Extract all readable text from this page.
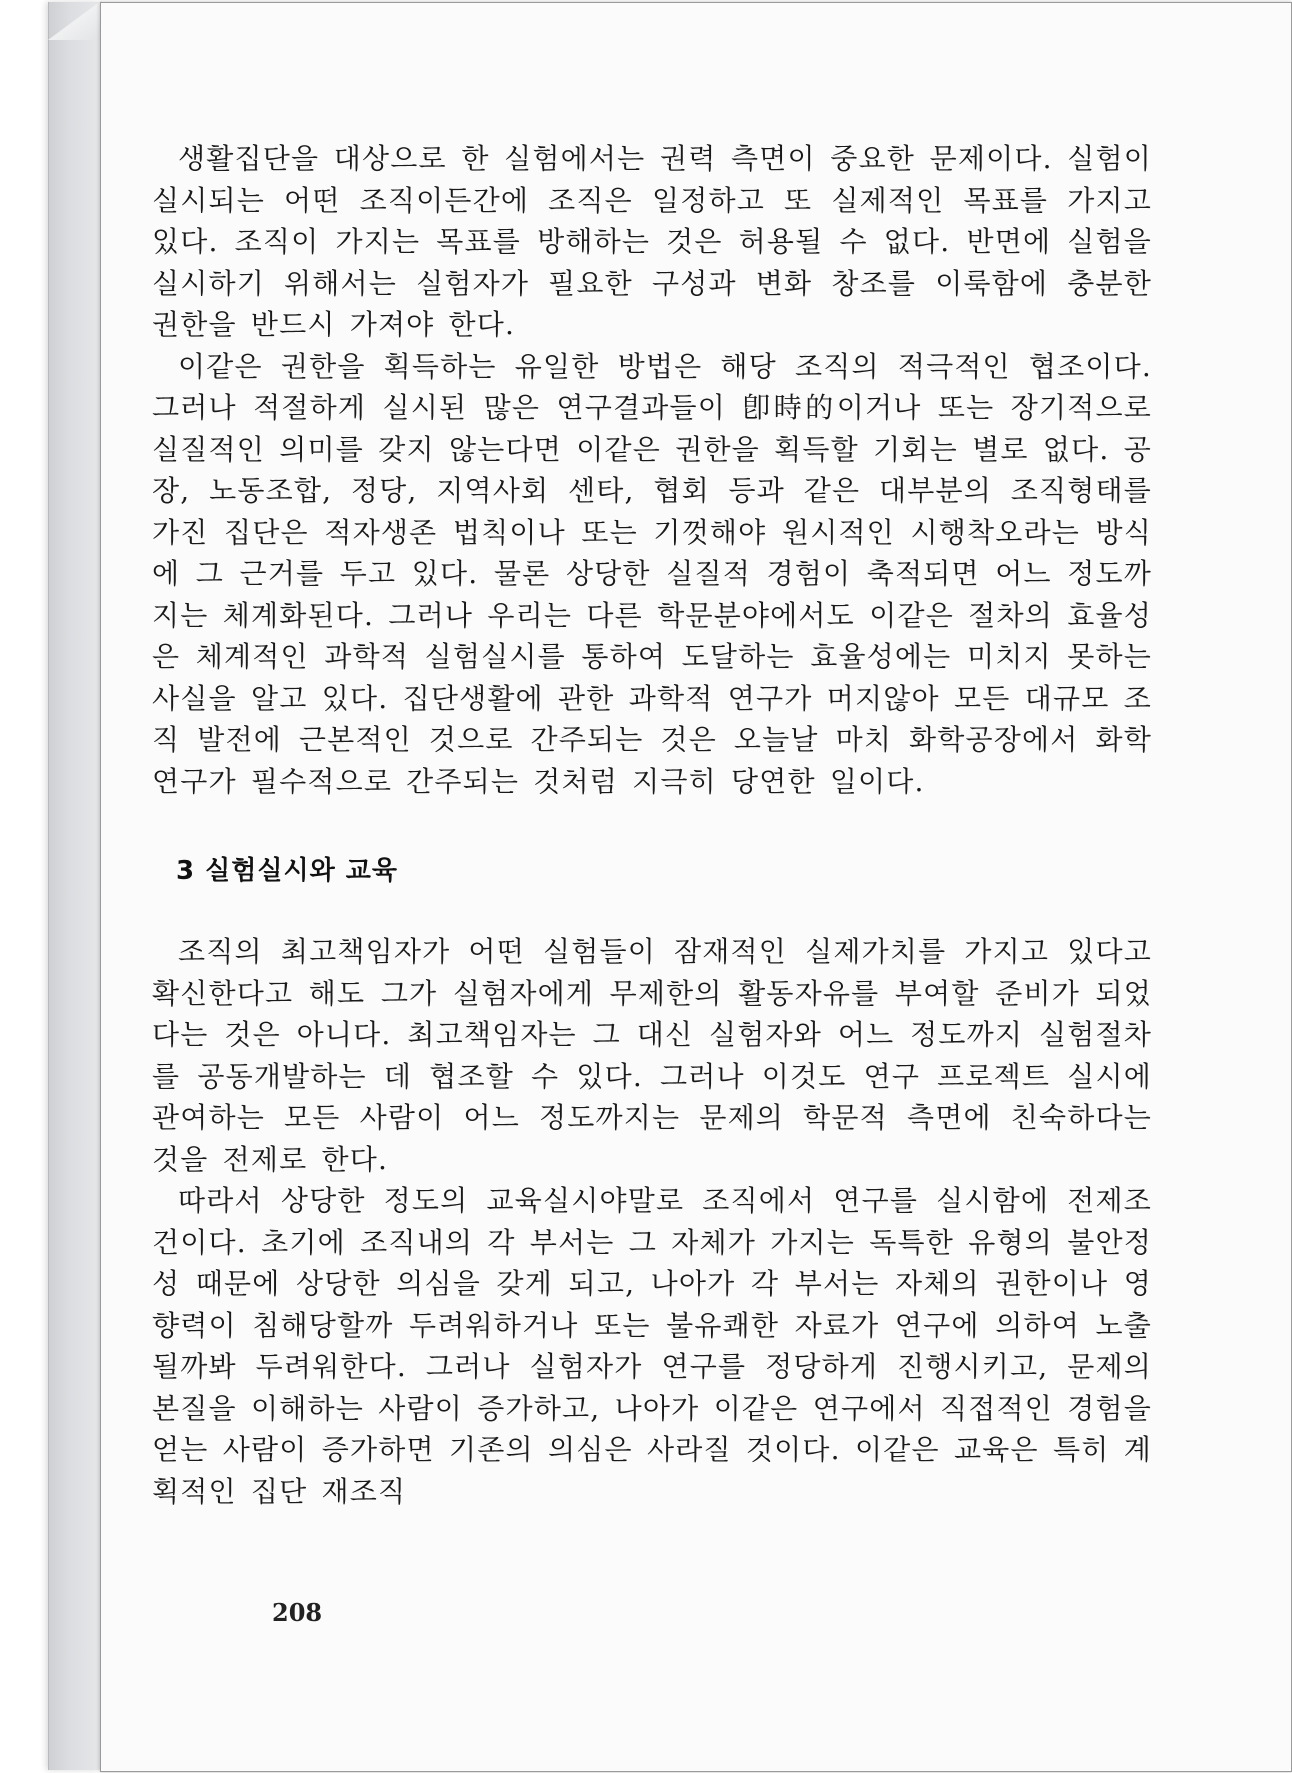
생활집단을 대상으로 한 실험에서는 권력 측면이 중요한 문제이다. 실험이 실시되는 어떤 조직이든간에 조직은 일정하고 또 실제적인 목표를 가지고 있다. 조직이 가지는 목표를 방해하는 것은 허용될 수 없다. 반면에 실험을 실시하기 위해서는 실험자가 필요한 구성과 변화 창조를 이룩함에 충분한 권한을 반드시 가져야 한다.

이같은 권한을 획득하는 유일한 방법은 해당 조직의 적극적인 협조이다. 그러나 적절하게 실시된 많은 연구결과들이 卽時的이거나 또는 장기적으로 실질적인 의미를 갖지 않는다면 이같은 권한을 획득할 기회는 별로 없다. 공장, 노동조합, 정당, 지역사회 센타, 협회 등과 같은 대부분의 조직형태를 가진 집단은 적자생존 법칙이나 또는 기껏해야 원시적인 시행착오라는 방식에 그 근거를 두고 있다. 물론 상당한 실질적 경험이 축적되면 어느 정도까지는 체계화된다. 그러나 우리는 다른 학문분야에서도 이같은 절차의 효율성은 체계적인 과학적 실험실시를 통하여 도달하는 효율성에는 미치지 못하는 사실을 알고 있다. 집단생활에 관한 과학적 연구가 머지않아 모든 대규모 조직 발전에 근본적인 것으로 간주되는 것은 오늘날 마치 화학공장에서 화학연구가 필수적으로 간주되는 것처럼 지극히 당연한 일이다.

3 실험실시와 교육

조직의 최고책임자가 어떤 실험들이 잠재적인 실제가치를 가지고 있다고 확신한다고 해도 그가 실험자에게 무제한의 활동자유를 부여할 준비가 되었다는 것은 아니다. 최고책임자는 그 대신 실험자와 어느 정도까지 실험절차를 공동개발하는 데 협조할 수 있다. 그러나 이것도 연구 프로젝트 실시에 관여하는 모든 사람이 어느 정도까지는 문제의 학문적 측면에 친숙하다는 것을 전제로 한다.

따라서 상당한 정도의 교육실시야말로 조직에서 연구를 실시함에 전제조건이다. 초기에 조직내의 각 부서는 그 자체가 가지는 독특한 유형의 불안정성 때문에 상당한 의심을 갖게 되고, 나아가 각 부서는 자체의 권한이나 영향력이 침해당할까 두려워하거나 또는 불유쾌한 자료가 연구에 의하여 노출될까봐 두려워한다. 그러나 실험자가 연구를 정당하게 진행시키고, 문제의 본질을 이해하는 사람이 증가하고, 나아가 이같은 연구에서 직접적인 경험을 얻는 사람이 증가하면 기존의 의심은 사라질 것이다. 이같은 교육은 특히 계획적인 집단 재조직

208
